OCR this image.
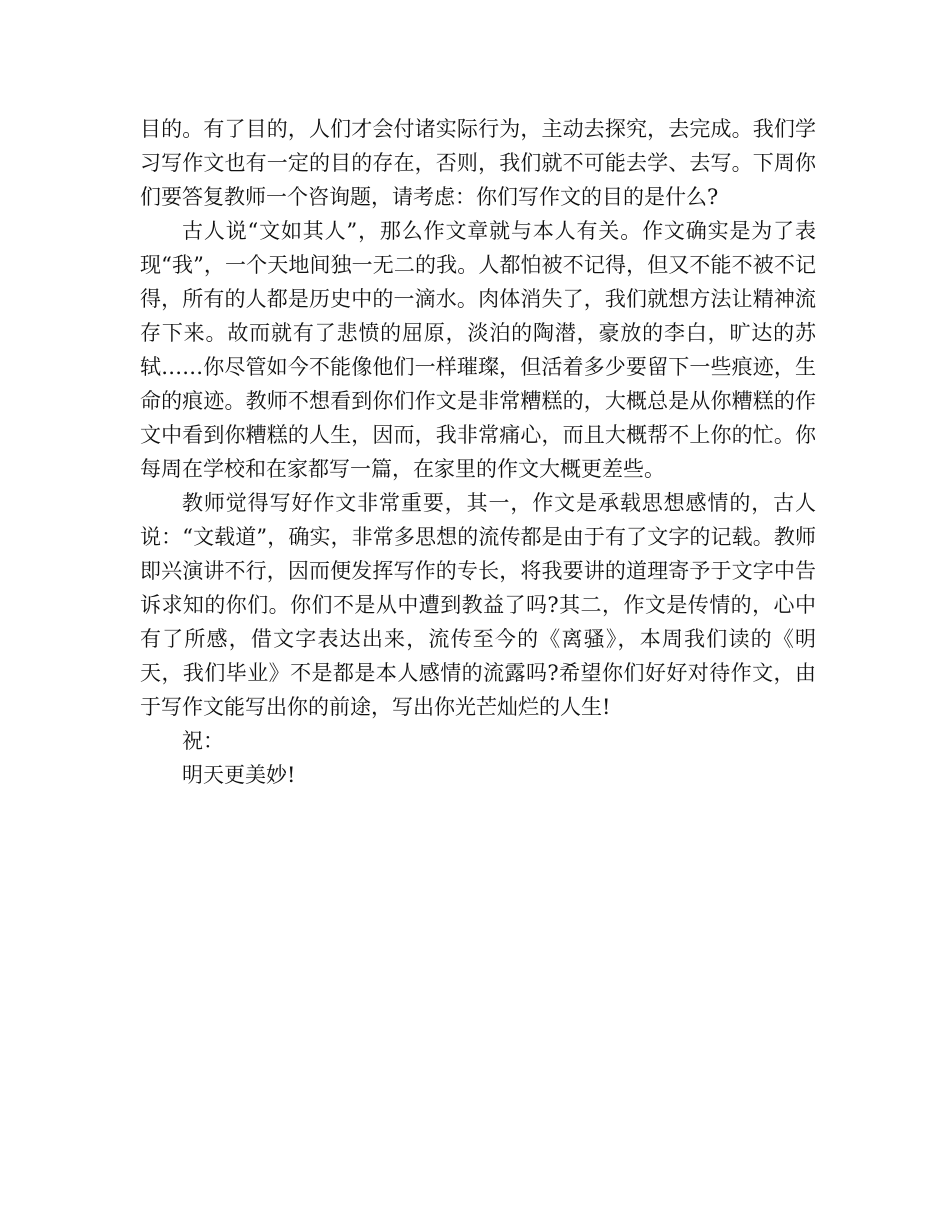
目的。有了目的，人们才会付诸实际行为，主动去探究，去完成。我们学习写作文也有一定的目的存在，否则，我们就不可能去学、去写。下周你们要答复教师一个咨询题，请考虑：你们写作文的目的是什么?

古人说“文如其人”，那么作文章就与本人有关。作文确实是为了表现“我”，一个天地间独一无二的我。人都怕被不记得，但又不能不被不记得，所有的人都是历史中的一滴水。肉体消失了，我们就想方法让精神流存下来。故而就有了悲愤的屈原，淡泊的陶潜，豪放的李白，旷达的苏轼……你尽管如今不能像他们一样璀璨，但活着多少要留下一些痕迹，生命的痕迹。教师不想看到你们作文是非常糟糕的，大概总是从你糟糕的作文中看到你糟糕的人生，因而，我非常痛心，而且大概帮不上你的忙。你每周在学校和在家都写一篇，在家里的作文大概更差些。

教师觉得写好作文非常重要，其一，作文是承载思想感情的，古人说：“文载道”，确实，非常多思想的流传都是由于有了文字的记载。教师即兴演讲不行，因而便发挥写作的专长，将我要讲的道理寄予于文字中告诉求知的你们。你们不是从中遭到教益了吗?其二，作文是传情的，心中有了所感，借文字表达出来，流传至今的《离骚》，本周我们读的《明天，我们毕业》不是都是本人感情的流露吗?希望你们好好对待作文，由于写作文能写出你的前途，写出你光芒灿烂的人生!

祝：

明天更美妙!
